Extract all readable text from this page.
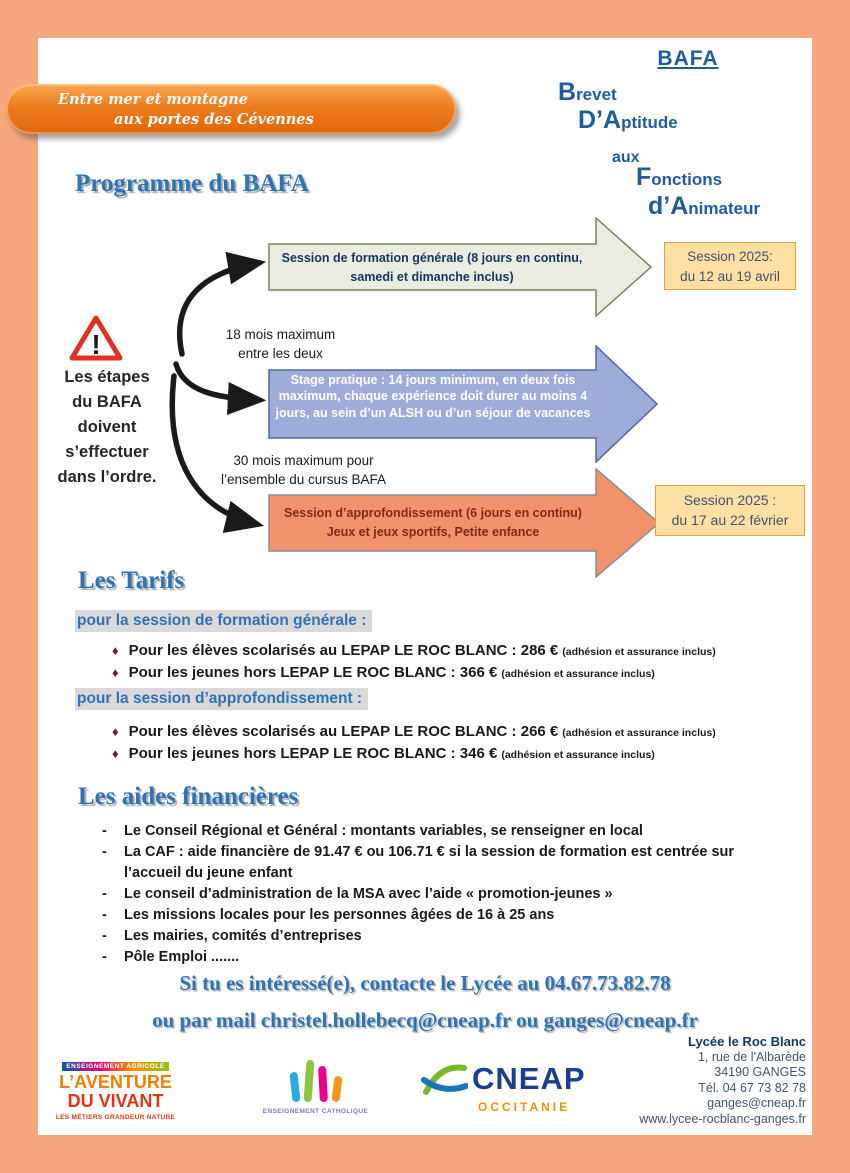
Entre mer et montagne
aux portes des Cévennes
BAFA
Brevet
D’Aptitude
aux
Fonctions
d’Animateur
Programme du BAFA
Session de formation générale (8 jours en continu, samedi et dimanche inclus)
Session 2025:
du 12 au 19 avril
18 mois maximum
entre les deux
Stage pratique : 14 jours minimum, en deux fois maximum, chaque expérience doit durer au moins 4 jours, au sein d’un ALSH ou d’un séjour de vacances
30 mois maximum pour
l’ensemble du cursus BAFA
Session d’approfondissement (6 jours en continu)
Jeux et jeux sportifs, Petite enfance
Session 2025 :
du 17 au 22 février
!
Les étapes
du BAFA
doivent
s’effectuer
dans l’ordre.
Les Tarifs
pour la session de formation générale :
♦ Pour les élèves scolarisés au LEPAP LE ROC BLANC : 286 € (adhésion et assurance inclus)
♦ Pour les jeunes hors LEPAP LE ROC BLANC : 366 € (adhésion et assurance inclus)
pour la session d’approfondissement :
♦ Pour les élèves scolarisés au LEPAP LE ROC BLANC : 266 € (adhésion et assurance inclus)
♦ Pour les jeunes hors LEPAP LE ROC BLANC : 346 € (adhésion et assurance inclus)
Les aides financières
-	Le Conseil Régional et Général : montants variables, se renseigner en local
-	La CAF : aide financière de 91.47 € ou 106.71 € si la session de formation est centrée sur l’accueil du jeune enfant
-	Le conseil d’administration de la MSA avec l’aide « promotion-jeunes »
-	Les missions locales pour les personnes âgées de 16 à 25 ans
-	Les mairies, comités d’entreprises
-	Pôle Emploi .......
Si tu es intéressé(e), contacte le Lycée au 04.67.73.82.78
ou par mail christel.hollebecq@cneap.fr ou ganges@cneap.fr
ENSEIGNEMENT AGRICOLE
L’AVENTURE
DU VIVANT
LES MÉTIERS GRANDEUR NATURE
ENSEIGNEMENT CATHOLIQUE
CNEAP
OCCITANIE
Lycée le Roc Blanc
1, rue de l'Albarède
34190 GANGES
Tél. 04 67 73 82 78
ganges@cneap.fr
www.lycee-rocblanc-ganges.fr
